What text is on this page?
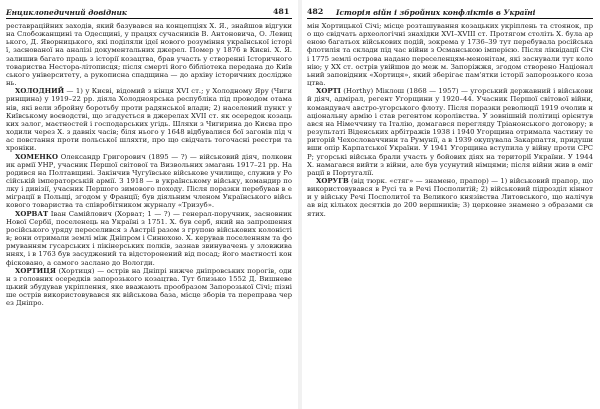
Енциклопедичний довідник	481

реставраційних заходів, який базувався на концепціях Х. Я., знайшов відгуки на Слобожанщині та Одесщині, у працях сучасників В. Антоновича, О. Левицького, Д. Яворницького, які поділяли ідеї нового розуміння української історії, заснованої на аналізі документальних джерел. Помер у 1876 в Києві. Х. Я. залишив багато праць з історії козацтва, брав участь у створенні Історичного товариства Нестора-літописця; після смерті його бібліотека передана до Київського університету, а рукописна спадщина — до архіву історичних досліджень.

ХОЛОДНИЙ — 1) у Києві, відомий з кінця XVI ст.; у Холодному Яру (Чигиринщина) у 1919–22 рр. діяла Холодноярська республіка під проводом отаманів, які вели збройну боротьбу проти радянської влади; 2) населений пункт у Київському воєводстві, що згадується в джерелах XVII ст. як осередок козацьких залог, маєтностей і господарських угідь. Шляхи з Чигирина до Києва проходили через Х. з давніх часів; біля нього у 1648 відбувалися бої загонів під час повстання проти польської шляхти, про що свідчать тогочасні реєстри та хроніки.

ХОМЕНКО Олександр Григорович (1895 — ?) — військовий діяч, полковник армії УНР, учасник Першої світової та Визвольних змагань 1917–21 рр. Народився на Полтавщині. Закінчив Чугуївське військове училище, служив у Російській імператорській армії. З 1918 — в українському війську, командир полку і дивізії, учасник Першого зимового походу. Після поразки перебував в еміграції в Польщі, згодом у Франції; був діяльним членом Українського військового товариства та співробітником журналу «Тризуб».

ХОРВАТ Іван Самійлович (Хорват; 1 — ?) — генерал-поручник, засновник Нової Сербії, поселенець на Україні з 1751. Х. був серб, який на запрошення російського уряду переселився з Австрії разом з групою військових колоністів; вони отримали землі між Дніпром і Синюхою. Х. керував поселенням та формуванням гусарських і пікінерських полків, зазнав звинувачень у зловживаннях, і в 1763 був засуджений та відсторонений від посад; його маєтності конфісковано, а самого заслано до Вологди.

ХОРТИЦЯ (Хортиця) — острів на Дніпрі нижче дніпровських порогів, один з головних осередків запорозького козацтва. Тут близько 1552 Д. Вишневецький збудував укріплення, яке вважають прообразом Запорозької Січі; пізніше острів використовувався як військова база, місце зборів та переправа через Дніпро.

482 Історія війн і збройних конфліктів в Україні

мін Хортицької Січі; місце розташування козацьких укріплень та стоянок, про що свідчать археологічні знахідки XVI–XVIII ст. Протягом століть Х. була ареною багатьох військових подій, зокрема у 1736–39 тут перебувала російська флотилія та склади під час війни з Османською імперією. Після ліквідації Січі 1775 землі острова надано переселенцям-менонітам, які заснували тут колонію; у XX ст. острів увійшов до меж м. Запоріжжя, згодом створено Національний заповідник «Хортиця», який зберігає пам'ятки історії запорозького козацтва.

ХОРТІ (Horthy) Міклош (1868 — 1957) — угорський державний і військовий діяч, адмірал, регент Угорщини у 1920–44. Учасник Першої світової війни, командувач австро-угорського флоту. Після поразки революції 1919 очолив національну армію і став регентом королівства. У зовнішній політиці орієнтувався на Німеччину та Італію, домагався перегляду Тріанонського договору; в результаті Віденських арбітражів 1938 і 1940 Угорщина отримала частину територій Чехословаччини та Румунії, а в 1939 окупувала Закарпаття, придушивши опір Карпатської України. У 1941 Угорщина вступила у війну проти СРСР; угорські війська брали участь у бойових діях на території України. У 1944 Х. намагався вийти з війни, але був усунутий німцями; після війни жив в еміграції в Португалії.

ХОРУГВ (від тюрк. «стяг» — знамено, прапор) — 1) військовий прапор, що використовувався в Русі та в Речі Посполитій; 2) військовий підрозділ кінноти у війську Речі Посполитої та Великого князівства Литовського, що налічував від кількох десятків до 200 вершників; 3) церковне знамено з образами святих.
